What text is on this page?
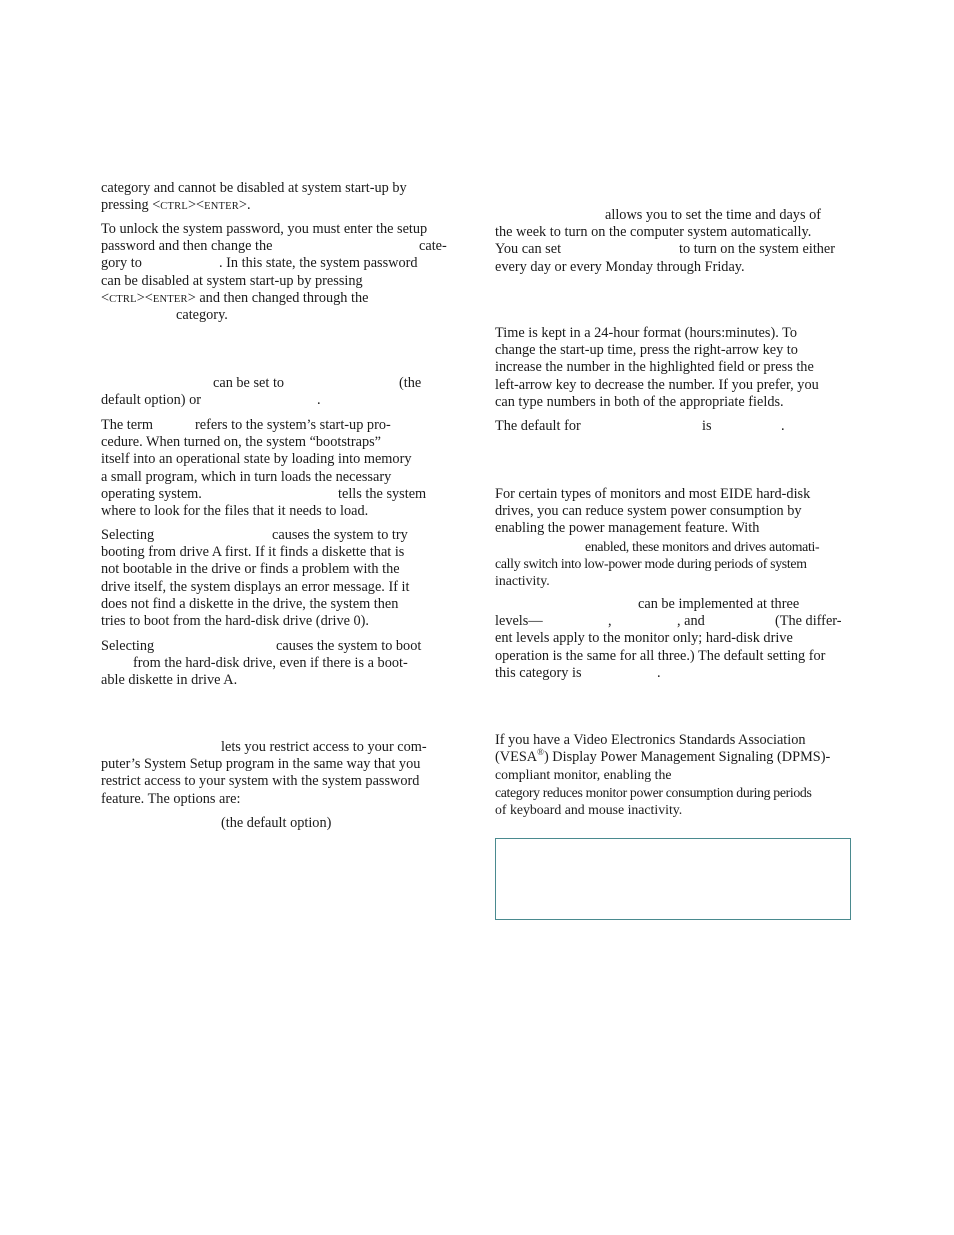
category and cannot be disabled at system start-up by
pressing <CTRL><ENTER>.
To unlock the system password, you must enter the setup
password and then change the	cate-
gory to	. In this state, the system password
can be disabled at system start-up by pressing
<CTRL><ENTER> and then changed through the
category.
can be set to	(the
default option) or	.
The term	refers to the system’s start-up pro-
cedure. When turned on, the system “bootstraps”
itself into an operational state by loading into memory
a small program, which in turn loads the necessary
operating system.	tells the system
where to look for the files that it needs to load.
Selecting	causes the system to try
booting from drive A first. If it finds a diskette that is
not bootable in the drive or finds a problem with the
drive itself, the system displays an error message. If it
does not find a diskette in the drive, the system then
tries to boot from the hard-disk drive (drive 0).
Selecting	causes the system to boot
from the hard-disk drive, even if there is a boot-
able diskette in drive A.
lets you restrict access to your com-
puter’s System Setup program in the same way that you
restrict access to your system with the system password
feature. The options are:
(the default option)
allows you to set the time and days of
the week to turn on the computer system automatically.
You can set	to turn on the system either
every day or every Monday through Friday.
Time is kept in a 24-hour format (hours:minutes). To
change the start-up time, press the right-arrow key to
increase the number in the highlighted field or press the
left-arrow key to decrease the number. If you prefer, you
can type numbers in both of the appropriate fields.
The default for	is	.
For certain types of monitors and most EIDE hard-disk
drives, you can reduce system power consumption by
enabling the power management feature. With
enabled, these monitors and drives automati-
cally switch into low-power mode during periods of system
inactivity.
can be implemented at three
levels—	,	, and	(The differ-
ent levels apply to the monitor only; hard-disk drive
operation is the same for all three.) The default setting for
this category is	.
If you have a Video Electronics Standards Association
(VESA®) Display Power Management Signaling (DPMS)-
compliant monitor, enabling the
category reduces monitor power consumption during periods
of keyboard and mouse inactivity.
